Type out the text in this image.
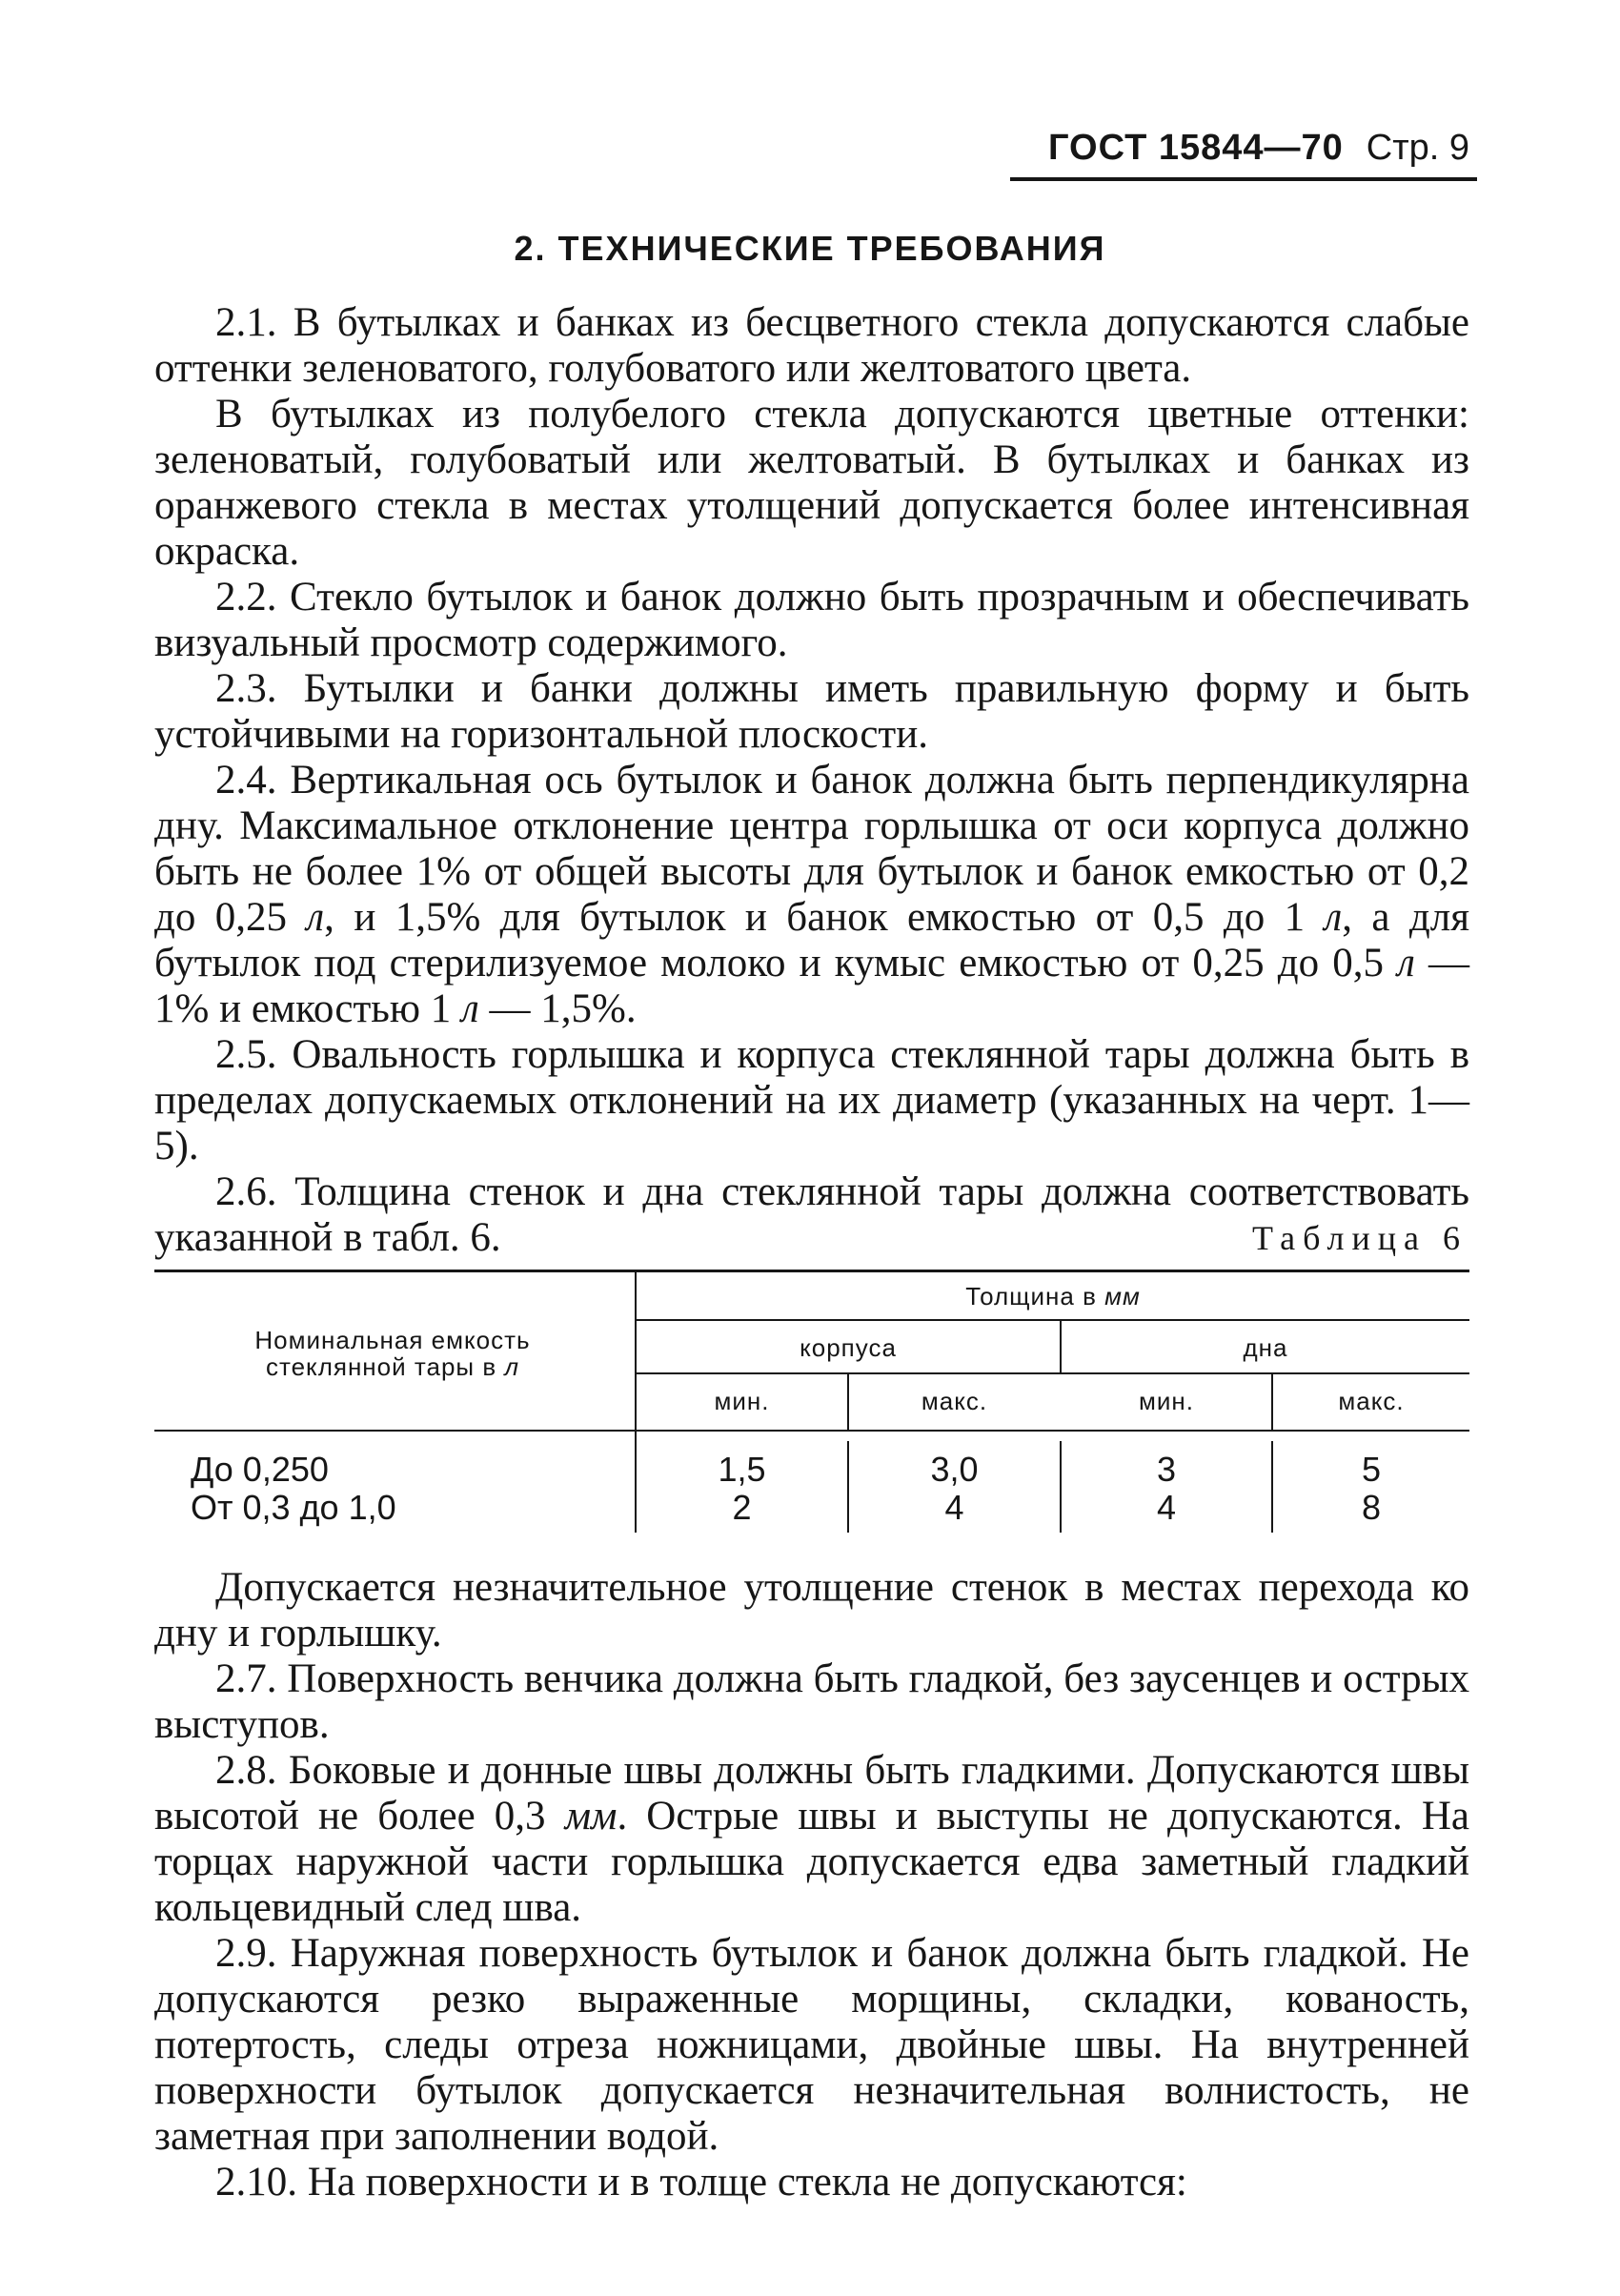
ГОСТ 15844—70 Стр. 9
2. ТЕХНИЧЕСКИЕ ТРЕБОВАНИЯ

2.1. В бутылках и банках из бесцветного стекла допускаются слабые оттенки зеленоватого, голубоватого или желтоватого цвета.

В бутылках из полубелого стекла допускаются цветные оттенки: зеленоватый, голубоватый или желтоватый. В бутылках и банках из оранжевого стекла в местах утолщений допускается более интенсивная окраска.

2.2. Стекло бутылок и банок должно быть прозрачным и обеспечивать визуальный просмотр содержимого.

2.3. Бутылки и банки должны иметь правильную форму и быть устойчивыми на горизонтальной плоскости.

2.4. Вертикальная ось бутылок и банок должна быть перпендикулярна дну. Максимальное отклонение центра горлышка от оси корпуса должно быть не более 1% от общей высоты для бутылок и банок емкостью от 0,2 до 0,25 л, и 1,5% для бутылок и банок емкостью от 0,5 до 1 л, а для бутылок под стерилизуемое молоко и кумыс емкостью от 0,25 до 0,5 л — 1% и емкостью 1 л — 1,5%.

2.5. Овальность горлышка и корпуса стеклянной тары должна быть в пределах допускаемых отклонений на их диаметр (указанных на черт. 1—5).

2.6. Толщина стенок и дна стеклянной тары должна соответствовать указанной в табл. 6.	Таблица 6
Номинальная емкость
стеклянной тары в л
Толщина в мм
корпуса	дна
мин.	макс.	мин.	макс.
До 0,250	1,5	3,0	3	5
От 0,3 до 1,0	2	4	4	8

Допускается незначительное утолщение стенок в местах перехода ко дну и горлышку.

2.7. Поверхность венчика должна быть гладкой, без заусенцев и острых выступов.

2.8. Боковые и донные швы должны быть гладкими. Допускаются швы высотой не более 0,3 мм. Острые швы и выступы не допускаются. На торцах наружной части горлышка допускается едва заметный гладкий кольцевидный след шва.

2.9. Наружная поверхность бутылок и банок должна быть гладкой. Не допускаются резко выраженные морщины, складки, кованость, потертость, следы отреза ножницами, двойные швы. На внутренней поверхности бутылок допускается незначительная волнистость, не заметная при заполнении водой.

2.10. На поверхности и в толще стекла не допускаются:
